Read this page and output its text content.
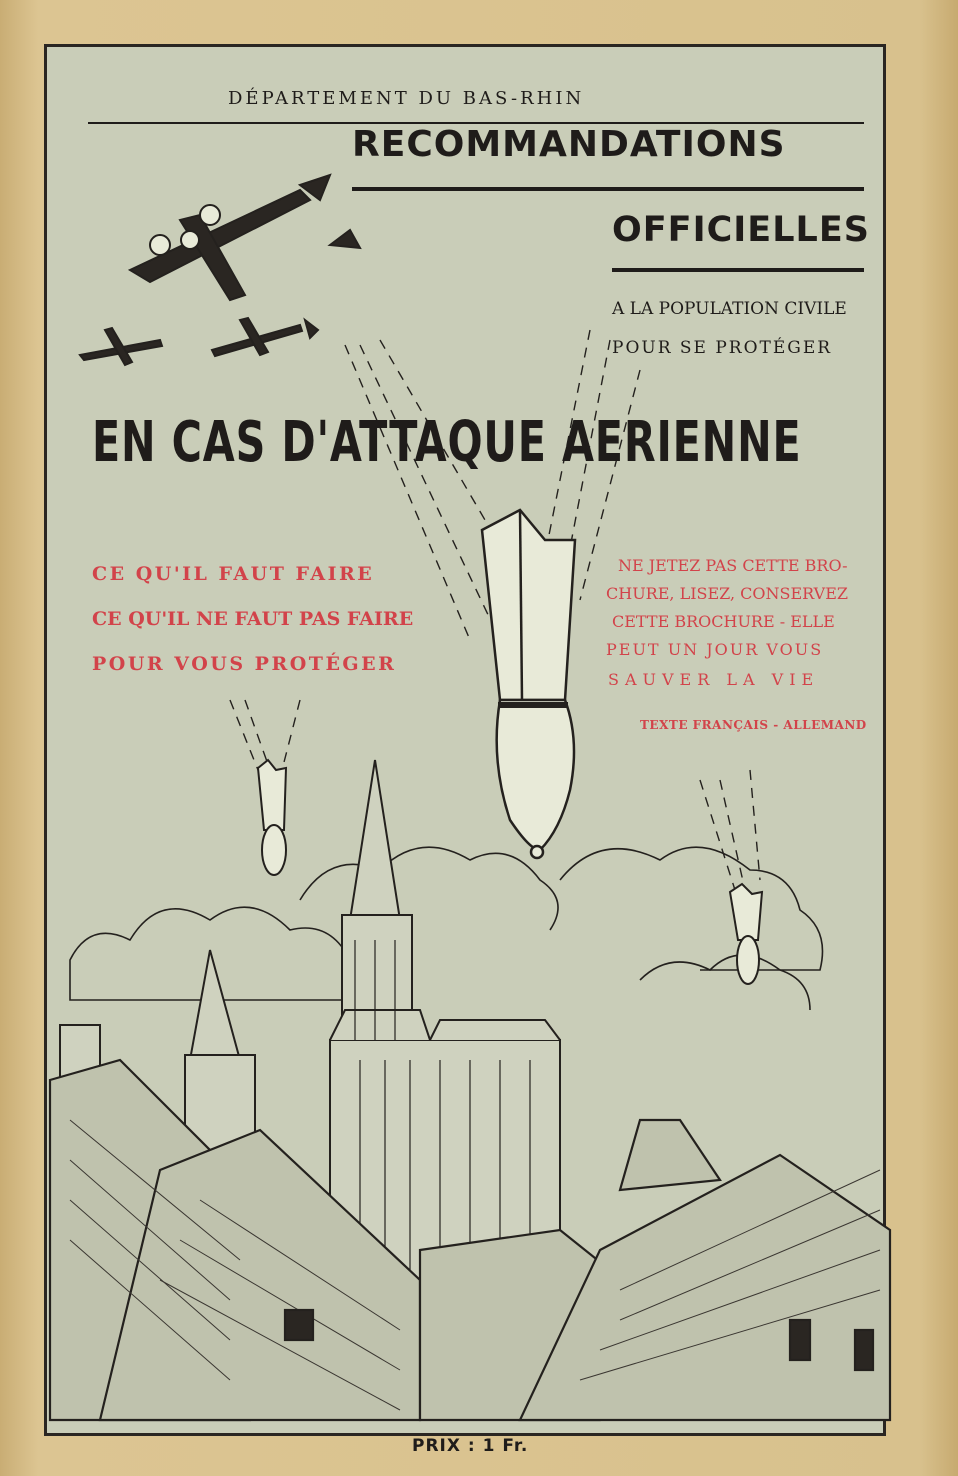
DÉPARTEMENT DU BAS-RHIN
RECOMMANDATIONS
OFFICIELLES
A LA POPULATION CIVILE
POUR SE PROTÉGER
EN CAS D'ATTAQUE AERIENNE
CE QU'IL FAUT FAIRE
CE QU'IL NE FAUT PAS FAIRE
POUR VOUS PROTÉGER
NE JETEZ PAS CETTE BRO-
CHURE, LISEZ, CONSERVEZ
CETTE BROCHURE - ELLE
PEUT UN JOUR VOUS
SAUVER LA VIE
TEXTE FRANÇAIS - ALLEMAND
PRIX : 1 Fr.
